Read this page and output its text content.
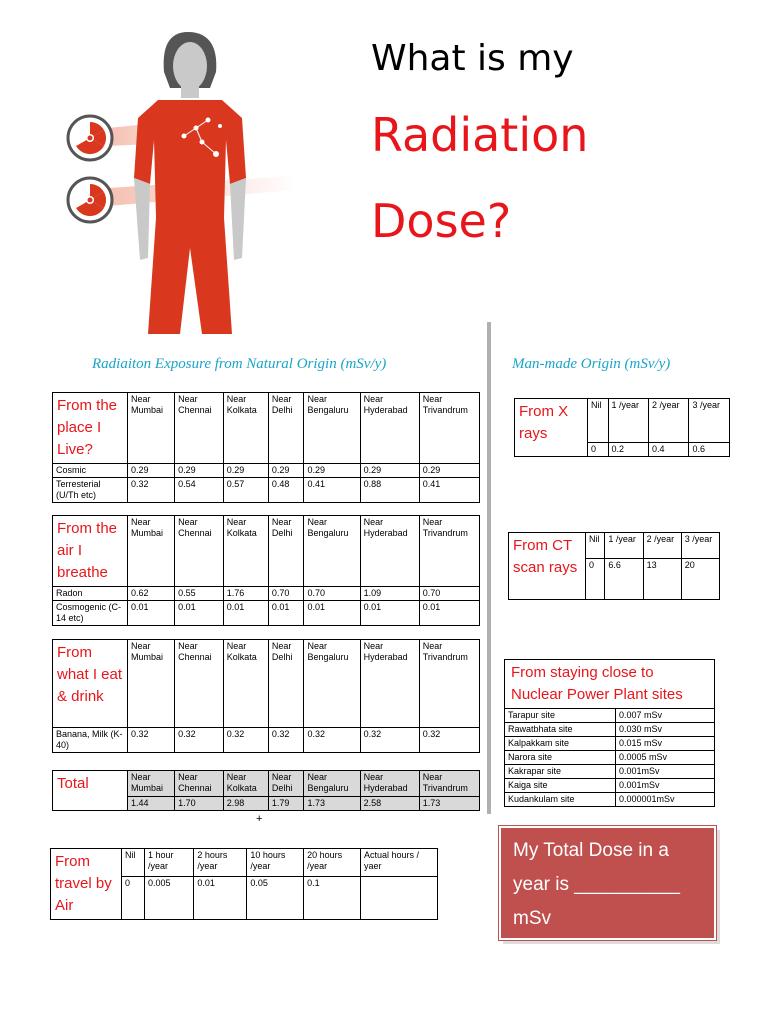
What is my
Radiation
Dose?
Radiaiton Exposure from Natural Origin (mSv/y)	Man-made Origin (mSv/y)
From the place I Live?	Near Mumbai	Near Chennai	Near Kolkata	Near Delhi	Near Bengaluru	Near Hyderabad	Near Trivandrum
Cosmic	0.29	0.29	0.29	0.29	0.29	0.29	0.29
Terresterial (U/Th etc)	0.32	0.54	0.57	0.48	0.41	0.88	0.41
From the air I breathe	Near Mumbai	Near Chennai	Near Kolkata	Near Delhi	Near Bengaluru	Near Hyderabad	Near Trivandrum
Radon	0.62	0.55	1.76	0.70	0.70	1.09	0.70
Cosmogenic (C-14 etc)	0.01	0.01	0.01	0.01	0.01	0.01	0.01
From what I eat & drink	Near Mumbai	Near Chennai	Near Kolkata	Near Delhi	Near Bengaluru	Near Hyderabad	Near Trivandrum
Banana, Milk (K-40)	0.32	0.32	0.32	0.32	0.32	0.32	0.32
Total	Near Mumbai	Near Chennai	Near Kolkata	Near Delhi	Near Bengaluru	Near Hyderabad	Near Trivandrum
	1.44	1.70	2.98	1.79	1.73	2.58	1.73
+
From travel by Air	Nil	1 hour /year	2 hours /year	10 hours /year	20 hours /year	Actual hours / yaer
	0	0.005	0.01	0.05	0.1	
From X rays	Nil	1 /year	2 /year	3 /year
	0	0.2	0.4	0.6
From CT scan rays	Nil	1 /year	2 /year	3 /year
	0	6.6	13	20
From staying close to Nuclear Power Plant sites	
Tarapur site	0.007 mSv
Rawatbhata site	0.030 mSv
Kalpakkam site	0.015 mSv
Narora site	0.0005 mSv
Kakrapar site	0.001mSv
Kaiga site	0.001mSv
Kudankulam site	0.000001mSv
My Total Dose in a
year is __________
mSv
